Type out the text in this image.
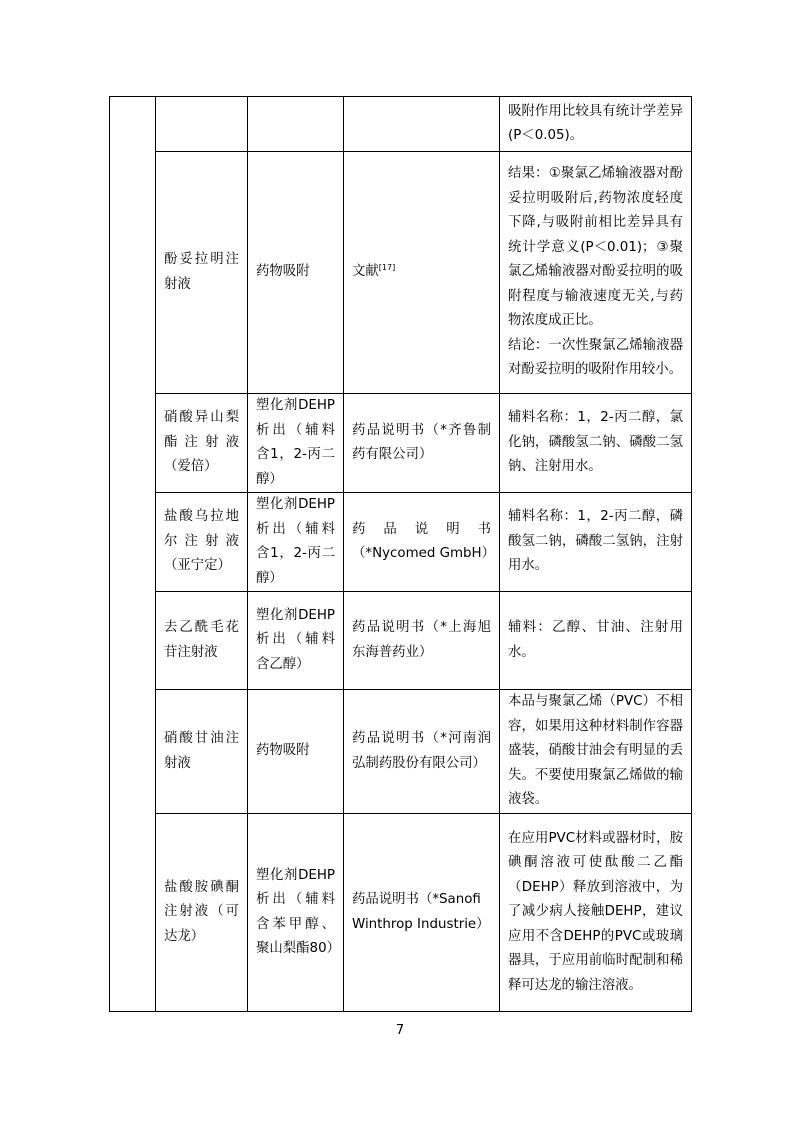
				吸附作用比较具有统计学差异(P＜0.05)。

	酚妥拉明注射液	药物吸附	文献[17]	结果：①聚氯乙烯输液器对酚妥拉明吸附后,药物浓度轻度下降,与吸附前相比差异具有统计学意义(P＜0.01)；③聚氯乙烯输液器对酚妥拉明的吸附程度与输液速度无关,与药物浓度成正比。
结论：一次性聚氯乙烯输液器对酚妥拉明的吸附作用较小。

	硝酸异山梨酯注射液（爱倍）	塑化剂DEHP析出（辅料含1，2-丙二醇）	药品说明书（*齐鲁制药有限公司）	辅料名称：1，2-丙二醇，氯化钠，磷酸氢二钠、磷酸二氢钠、注射用水。

	盐酸乌拉地尔注射液（亚宁定）	塑化剂DEHP析出（辅料含1，2-丙二醇）	药品说明书（*Nycomed GmbH）	辅料名称：1，2-丙二醇，磷酸氢二钠，磷酸二氢钠，注射用水。

	去乙酰毛花苷注射液	塑化剂DEHP析出（辅料含乙醇）	药品说明书（*上海旭东海普药业）	辅料：乙醇、甘油、注射用水。

	硝酸甘油注射液	药物吸附	药品说明书（*河南润弘制药股份有限公司）	本品与聚氯乙烯（PVC）不相容，如果用这种材料制作容器盛装，硝酸甘油会有明显的丢失。不要使用聚氯乙烯做的输液袋。

	盐酸胺碘酮注射液（可达龙）	塑化剂DEHP析出（辅料含苯甲醇、聚山梨酯80）	药品说明书（*Sanofi Winthrop Industrie）	在应用PVC材料或器材时，胺碘酮溶液可使酞酸二乙酯（DEHP）释放到溶液中，为了减少病人接触DEHP，建议应用不含DEHP的PVC或玻璃器具，于应用前临时配制和稀释可达龙的输注溶液。
7
